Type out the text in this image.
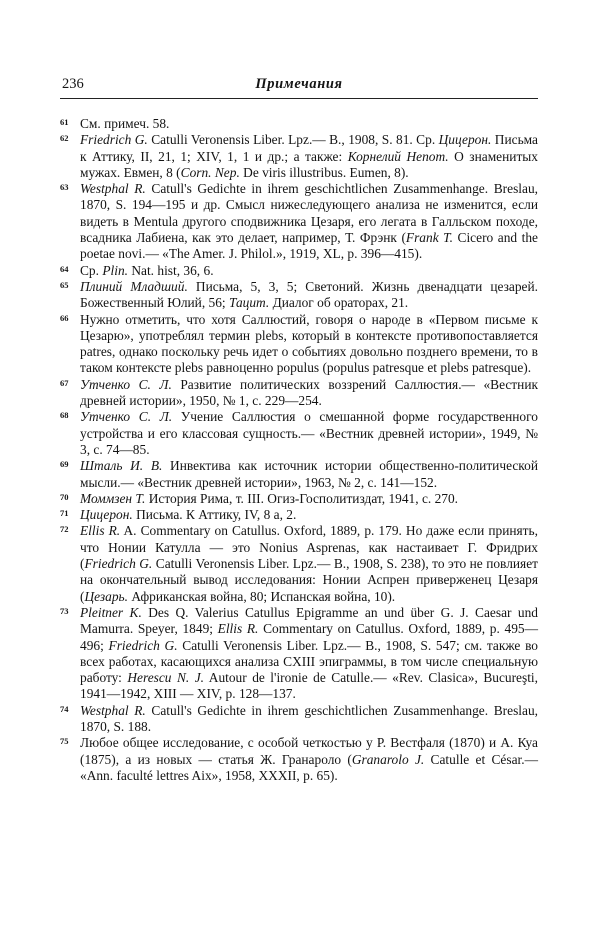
236	Примечания

61 См. примеч. 58.

62 Friedrich G. Catulli Veronensis Liber. Lpz.— B., 1908, S. 81. Ср. Цицерон. Письма к Аттику, II, 21, 1; XIV, 1, 1 и др.; а также: Корнелий Непот. О знаменитых мужах. Евмен, 8 (Corn. Nep. De viris illustribus. Eumen, 8).

63 Westphal R. Catull's Gedichte in ihrem geschichtlichen Zusammenhange. Breslau, 1870, S. 194—195 и др. Смысл нижеследующего анализа не изменится, если видеть в Mentula другого сподвижника Цезаря, его легата в Галльском походе, всадника Лабиена, как это делает, например, Т. Фрэнк (Frank T. Cicero and the poetae novi.— «The Amer. J. Philol.», 1919, XL, p. 396—415).

64 Ср. Plin. Nat. hist, 36, 6.

65 Плиний Младший. Письма, 5, 3, 5; Светоний. Жизнь двенадцати цезарей. Божественный Юлий, 56; Тацит. Диалог об ораторах, 21.

66 Нужно отметить, что хотя Саллюстий, говоря о народе в «Первом письме к Цезарю», употреблял термин plebs, который в контексте противопоставляется patres, однако поскольку речь идет о событиях довольно позднего времени, то в таком контексте plebs равноценно populus (populus patresque et plebs patresque).

67 Утченко С. Л. Развитие политических воззрений Саллюстия.— «Вестник древней истории», 1950, № 1, с. 229—254.

68 Утченко С. Л. Учение Саллюстия о смешанной форме государственного устройства и его классовая сущность.— «Вестник древней истории», 1949, № 3, с. 74—85.

69 Шталь И. В. Инвектива как источник истории общественно-политической мысли.— «Вестник древней истории», 1963, № 2, с. 141—152.

70 Моммзен Т. История Рима, т. III. Огиз-Госполитиздат, 1941, с. 270.

71 Цицерон. Письма. К Аттику, IV, 8 a, 2.

72 Ellis R. A. Commentary on Catullus. Oxford, 1889, p. 179. Но даже если принять, что Нонии Катулла — это Nonius Asprenas, как настаивает Г. Фридрих (Friedrich G. Catulli Veronensis Liber. Lpz.— B., 1908, S. 238), то это не повлияет на окончательный вывод исследования: Нонии Аспрен приверженец Цезаря (Цезарь. Африканская война, 80; Испанская война, 10).

73 Pleitner K. Des Q. Valerius Catullus Epigramme an und über G. J. Caesar und Mamurra. Speyer, 1849; Ellis R. Commentary on Catullus. Oxford, 1889, p. 495—496; Friedrich G. Catulli Veronensis Liber. Lpz.— B., 1908, S. 547; см. также во всех работах, касающихся анализа CXIII эпиграммы, в том числе специальную работу: Herescu N. J. Autour de l'ironie de Catulle.— «Rev. Clasica», Bucureşti, 1941—1942, XIII — XIV, p. 128—137.

74 Westphal R. Catull's Gedichte in ihrem geschichtlichen Zusammenhange. Breslau, 1870, S. 188.

75 Любое общее исследование, с особой четкостью у Р. Вестфаля (1870) и А. Куа (1875), а из новых — статья Ж. Гранароло (Granarolo J. Catulle et César.— «Ann. faculté lettres Aix», 1958, XXXII, p. 65).
